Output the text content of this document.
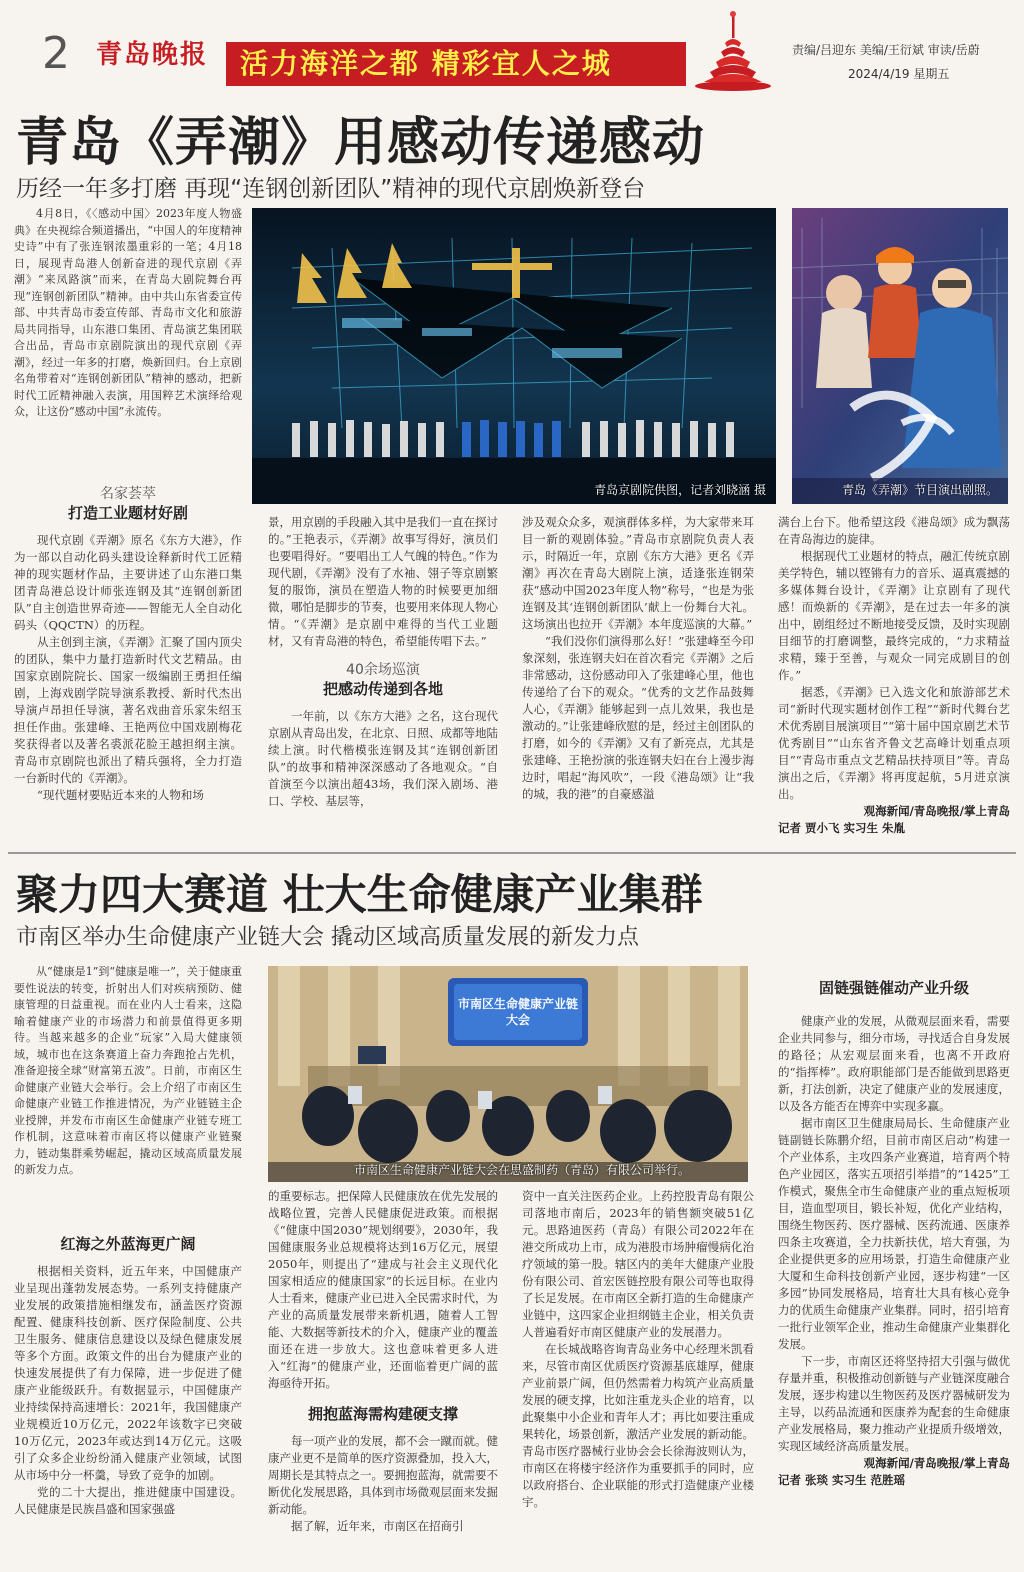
2 青岛晚报	活力海洋之都 精彩宜人之城	责编/吕迎东 美编/王衍斌 审读/岳蔚
2024/4/19 星期五
青岛《弄潮》用感动传递感动
历经一年多打磨 再现“连钢创新团队”精神的现代京剧焕新登台

4月8日，《〈感动中国〉2023年度人物盛典》在央视综合频道播出，“中国人的年度精神史诗”中有了张连钢浓墨重彩的一笔；4月18日，展现青岛港人创新奋进的现代京剧《弄潮》“来凤路演”而来，在青岛大剧院舞台再现“连钢创新团队”精神。由中共山东省委宣传部、中共青岛市委宣传部、青岛市文化和旅游局共同指导，山东港口集团、青岛演艺集团联合出品，青岛市京剧院演出的现代京剧《弄潮》，经过一年多的打磨，焕新回归。台上京剧名角带着对“连钢创新团队”精神的感动，把新时代工匠精神融入表演，用国粹艺术演绎给观众，让这份“感动中国”永流传。

青岛京剧院供图，记者刘晓涵 摄	青岛《弄潮》节目演出剧照。
名家荟萃
打造工业题材好剧

现代京剧《弄潮》原名《东方大港》，作为一部以自动化码头建设诠释新时代工匠精神的现实题材作品，主要讲述了山东港口集团青岛港总设计师张连钢及其“连钢创新团队”自主创造世界奇迹——智能无人全自动化码头（QQCTN）的历程。

从主创到主演，《弄潮》汇聚了国内顶尖的团队，集中力量打造新时代文艺精品。由国家京剧院院长、国家一级编剧王勇担任编剧，上海戏剧学院导演系教授、新时代杰出导演卢昂担任导演，著名戏曲音乐家朱绍玉担任作曲。张建峰、王艳两位中国戏剧梅花奖获得者以及著名裘派花脸王越担纲主演。青岛市京剧院也派出了精兵强将，全力打造一台新时代的《弄潮》。

“现代题材要贴近本来的人物和场

景，用京剧的手段融入其中是我们一直在探讨的。”王艳表示，《弄潮》故事写得好，演员们也要唱得好。“要唱出工人气魄的特色。”作为现代剧，《弄潮》没有了水袖、翎子等京剧繁复的服饰，演员在塑造人物的时候要更加细微，哪怕是脚步的节奏，也要用来体现人物心情。“《弄潮》是京剧中难得的当代工业题材，又有青岛港的特色，希望能传唱下去。”

40余场巡演
把感动传递到各地

一年前，以《东方大港》之名，这台现代京剧从青岛出发，在北京、日照、成都等地陆续上演。时代楷模张连钢及其“连钢创新团队”的故事和精神深深感动了各地观众。“自首演至今以演出超43场，我们深入剧场、港口、学校、基层等，

涉及观众众多，观演群体多样，为大家带来耳目一新的观剧体验。”青岛市京剧院负责人表示，时隔近一年，京剧《东方大港》更名《弄潮》再次在青岛大剧院上演，适逢张连钢荣获“感动中国2023年度人物”称号，“也是为张连钢及其‘连钢创新团队’献上一份舞台大礼。这场演出也拉开《弄潮》本年度巡演的大幕。”

“我们没你们演得那么好！”张建峰至今印象深刻，张连钢夫妇在首次看完《弄潮》之后非常感动，这份感动印入了张建峰心里，他也传递给了台下的观众。“优秀的文艺作品鼓舞人心，《弄潮》能够起到一点儿效果，我也是激动的。”让张建峰欣慰的是，经过主创团队的打磨，如今的《弄潮》又有了新亮点，尤其是张建峰、王艳扮演的张连钢夫妇在台上漫步海边时，唱起“海风吹”，一段《港岛颂》让“我的城，我的港”的自豪感溢

满台上台下。他希望这段《港岛颂》成为飘荡在青岛海边的旋律。

根据现代工业题材的特点，融汇传统京剧美学特色，辅以铿锵有力的音乐、逼真震撼的多媒体舞台设计，《弄潮》让京剧有了现代感！而焕新的《弄潮》，是在过去一年多的演出中，剧组经过不断地接受反馈，及时实现剧目细节的打磨调整，最终完成的，“力求精益求精，臻于至善，与观众一同完成剧目的创作。”

据悉，《弄潮》已入选文化和旅游部艺术司“新时代现实题材创作工程”“新时代舞台艺术优秀剧目展演项目”“第十届中国京剧艺术节优秀剧目”“山东省齐鲁文艺高峰计划重点项目”“青岛市重点文艺精品扶持项目”等。青岛演出之后，《弄潮》将再度起航，5月进京演出。

观海新闻/青岛晚报/掌上青岛

记者 贾小飞 实习生 朱胤

聚力四大赛道 壮大生命健康产业集群
市南区举办生命健康产业链大会 撬动区域高质量发展的新发力点

从“健康是1”到“健康是唯一”，关于健康重要性说法的转变，折射出人们对疾病预防、健康管理的日益重视。而在业内人士看来，这隐喻着健康产业的市场潜力和前景值得更多期待。当越来越多的企业“玩家”入局大健康领域，城市也在这条赛道上奋力奔跑抢占先机，准备迎接全球“财富第五波”。日前，市南区生命健康产业链大会举行。会上介绍了市南区生命健康产业链工作推进情况，为产业链链主企业授牌，并发布市南区生命健康产业链专班工作机制，这意味着市南区将以健康产业链聚力，链动集群乘势崛起，撬动区域高质量发展的新发力点。

市南区生命健康产业链大会
市南区生命健康产业链大会在思盛制药（青岛）有限公司举行。
红海之外蓝海更广阔

根据相关资料，近五年来，中国健康产业呈现出蓬勃发展态势。一系列支持健康产业发展的政策措施相继发布，涵盖医疗资源配置、健康科技创新、医疗保险制度、公共卫生服务、健康信息建设以及绿色健康发展等多个方面。政策文件的出台为健康产业的快速发展提供了有力保障，进一步促进了健康产业能级跃升。有数据显示，中国健康产业持续保持高速增长：2021年，我国健康产业规模近10万亿元，2022年该数字已突破10万亿元，2023年或达到14万亿元。这吸引了众多企业纷纷涌入健康产业领域，试图从市场中分一杯羹，导致了竞争的加剧。

党的二十大提出，推进健康中国建设。人民健康是民族昌盛和国家强盛

的重要标志。把保障人民健康放在优先发展的战略位置，完善人民健康促进政策。而根据《“健康中国2030”规划纲要》，2030年，我国健康服务业总规模将达到16万亿元，展望2050年，则提出了“建成与社会主义现代化国家相适应的健康国家”的长远目标。在业内人士看来，健康产业已进入全民需求时代，为产业的高质量发展带来新机遇，随着人工智能、大数据等新技术的介入，健康产业的覆盖面还在进一步放大。这也意味着更多人进入“红海”的健康产业，还面临着更广阔的蓝海亟待开拓。

拥抱蓝海需构建硬支撑

每一项产业的发展，都不会一蹴而就。健康产业更不是简单的医疗资源叠加，投入大，周期长是其特点之一。要拥抱蓝海，就需要不断优化发展思路，具体到市场微观层面来发掘新动能。

据了解，近年来，市南区在招商引

资中一直关注医药企业。上药控股青岛有限公司落地市南后，2023年的销售额突破51亿元。思路迪医药（青岛）有限公司2022年在港交所成功上市，成为港股市场肿瘤慢病化治疗领域的第一股。辖区内的美年大健康产业股份有限公司、首宏医链控股有限公司等也取得了长足发展。在市南区全新打造的生命健康产业链中，这四家企业担纲链主企业，相关负责人普遍看好市南区健康产业的发展潜力。

在长城战略咨询青岛业务中心经理米凯看来，尽管市南区优质医疗资源基底雄厚，健康产业前景广阔，但仍然需着力构筑产业高质量发展的硬支撑，比如注重龙头企业的培育，以此聚集中小企业和青年人才；再比如要注重成果转化，场景创新，激活产业发展的新动能。青岛市医疗器械行业协会会长徐海波则认为，市南区在将楼宇经济作为重要抓手的同时，应以政府搭台、企业联能的形式打造健康产业楼宇。

固链强链催动产业升级

健康产业的发展，从微观层面来看，需要企业共同参与，细分市场，寻找适合自身发展的路径；从宏观层面来看，也离不开政府的“指挥棒”。政府职能部门是否能做到思路更新，打法创新，决定了健康产业的发展速度，以及各方能否在博弈中实现多赢。

据市南区卫生健康局局长、生命健康产业链副链长陈鹏介绍，目前市南区启动“构建一个产业体系，主攻四条产业赛道，培育两个特色产业园区，落实五项招引举措”的“1425”工作模式，聚焦全市生命健康产业的重点短板项目，造血型项目，锻长补短，优化产业结构，围绕生物医药、医疗器械、医药流通、医康养四条主攻赛道，全力扶新扶优，培大育强，为企业提供更多的应用场景，打造生命健康产业大厦和生命科技创新产业园，逐步构建“一区多园”协同发展格局，培育壮大具有核心竞争力的优质生命健康产业集群。同时，招引培育一批行业领军企业，推动生命健康产业集群化发展。

下一步，市南区还将坚持招大引强与做优存量并重，积极推动创新链与产业链深度融合发展，逐步构建以生物医药及医疗器械研发为主导，以药品流通和医康养为配套的生命健康产业发展格局，聚力推动产业提质升级增效，实现区域经济高质量发展。

观海新闻/青岛晚报/掌上青岛

记者 张琰 实习生 范胜瑶
